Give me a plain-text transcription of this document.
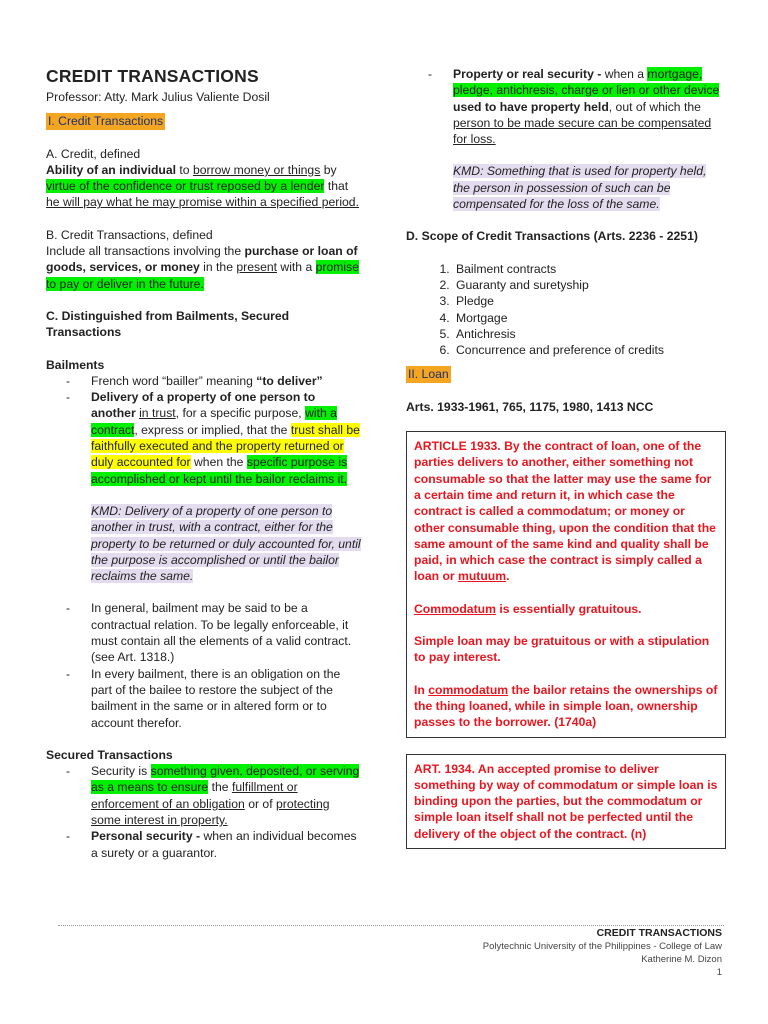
CREDIT TRANSACTIONS

Professor: Atty. Mark Julius Valiente Dosil

I. Credit Transactions

A. Credit, defined

Ability of an individual to borrow money or things by virtue of the confidence or trust reposed by a lender that he will pay what he may promise within a specified period.

B. Credit Transactions, defined

Include all transactions involving the purchase or loan of goods, services, or money in the present with a promise to pay or deliver in the future.

C. Distinguished from Bailments, Secured Transactions

Bailments

- French word “bailler” meaning “to deliver”
- Delivery of a property of one person to another in trust, for a specific purpose, with a contract, express or implied, that the trust shall be faithfully executed and the property returned or duly accounted for when the specific purpose is accomplished or kept until the bailor reclaims it.

KMD: Delivery of a property of one person to another in trust, with a contract, either for the property to be returned or duly accounted for, until the purpose is accomplished or until the bailor reclaims the same.

- In general, bailment may be said to be a contractual relation. To be legally enforceable, it must contain all the elements of a valid contract. (see Art. 1318.)
- In every bailment, there is an obligation on the part of the bailee to restore the subject of the bailment in the same or in altered form or to account therefor.

Secured Transactions

- Security is something given, deposited, or serving as a means to ensure the fulfillment or enforcement of an obligation or of protecting some interest in property.
- Personal security - when an individual becomes a surety or a guarantor.
- Property or real security - when a mortgage, pledge, antichresis, charge or lien or other device used to have property held, out of which the person to be made secure can be compensated for loss.

KMD: Something that is used for property held, the person in possession of such can be compensated for the loss of the same.

D. Scope of Credit Transactions (Arts. 2236 - 2251)

1. Bailment contracts
2. Guaranty and suretyship
3. Pledge
4. Mortgage
5. Antichresis
6. Concurrence and preference of credits

II. Loan

Arts. 1933-1961, 765, 1175, 1980, 1413 NCC

ARTICLE 1933. By the contract of loan, one of the parties delivers to another, either something not consumable so that the latter may use the same for a certain time and return it, in which case the contract is called a commodatum; or money or other consumable thing, upon the condition that the same amount of the same kind and quality shall be paid, in which case the contract is simply called a loan or mutuum.

Commodatum is essentially gratuitous.

Simple loan may be gratuitous or with a stipulation to pay interest.

In commodatum the bailor retains the ownerships of the thing loaned, while in simple loan, ownership passes to the borrower. (1740a)

ART. 1934. An accepted promise to deliver something by way of commodatum or simple loan is binding upon the parties, but the commodatum or simple loan itself shall not be perfected until the delivery of the object of the contract. (n)

CREDIT TRANSACTIONS
Polytechnic University of the Philippines - College of Law
Katherine M. Dizon
1
